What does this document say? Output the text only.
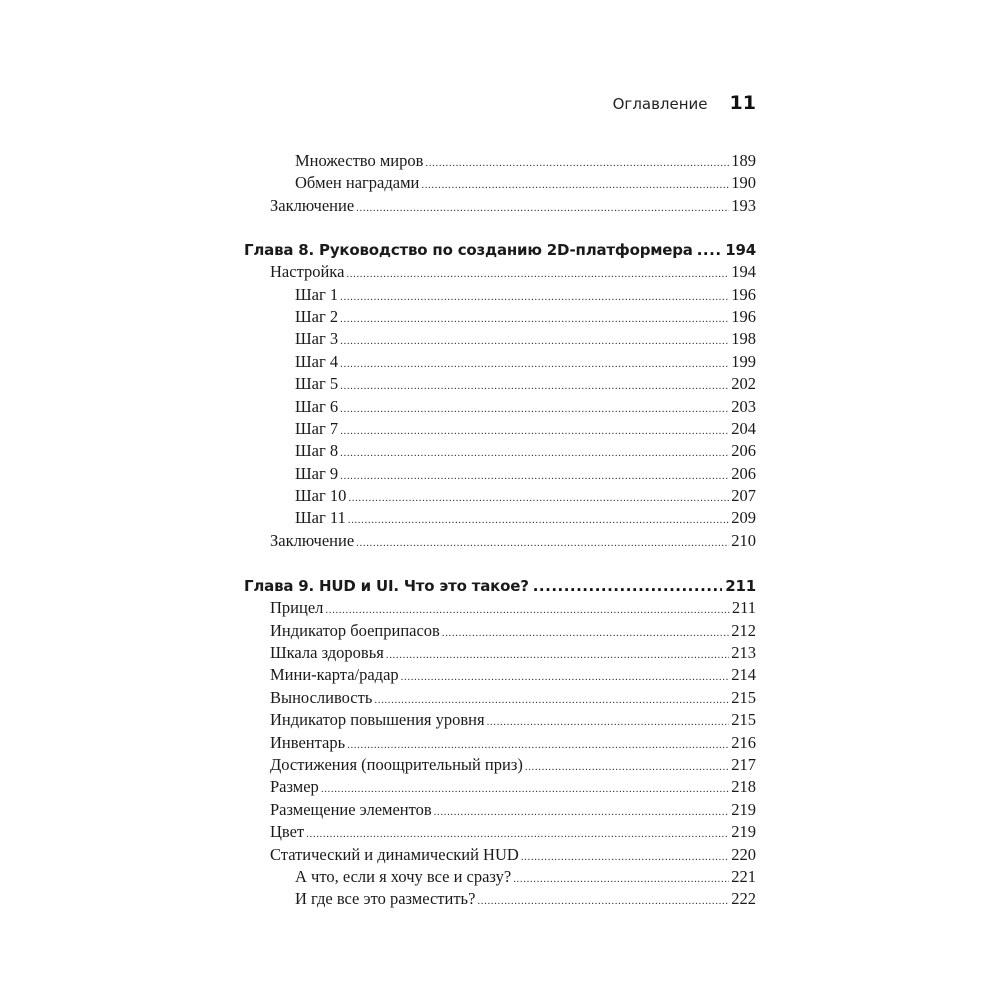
Оглавление 11
Множество миров .....	189
Обмен наградами .....	190
Заключение .....	193
Глава 8. Руководство по созданию 2D-платформера ..... 194
Настройка .....	194
Шаг 1 .....	196
Шаг 2 .....	196
Шаг 3 .....	198
Шаг 4 .....	199
Шаг 5 .....	202
Шаг 6 .....	203
Шаг 7 .....	204
Шаг 8 .....	206
Шаг 9 .....	206
Шаг 10 .....	207
Шаг 11 .....	209
Заключение .....	210
Глава 9. HUD и UI. Что это такое? .....	211
Прицел .....	211
Индикатор боеприпасов .....	212
Шкала здоровья .....	213
Мини-карта/радар .....	214
Выносливость .....	215
Индикатор повышения уровня .....	215
Инвентарь .....	216
Достижения (поощрительный приз) .....	217
Размер .....	218
Размещение элементов .....	219
Цвет .....	219
Статический и динамический HUD .....	220
А что, если я хочу все и сразу? .....	221
И где все это разместить? .....	222
